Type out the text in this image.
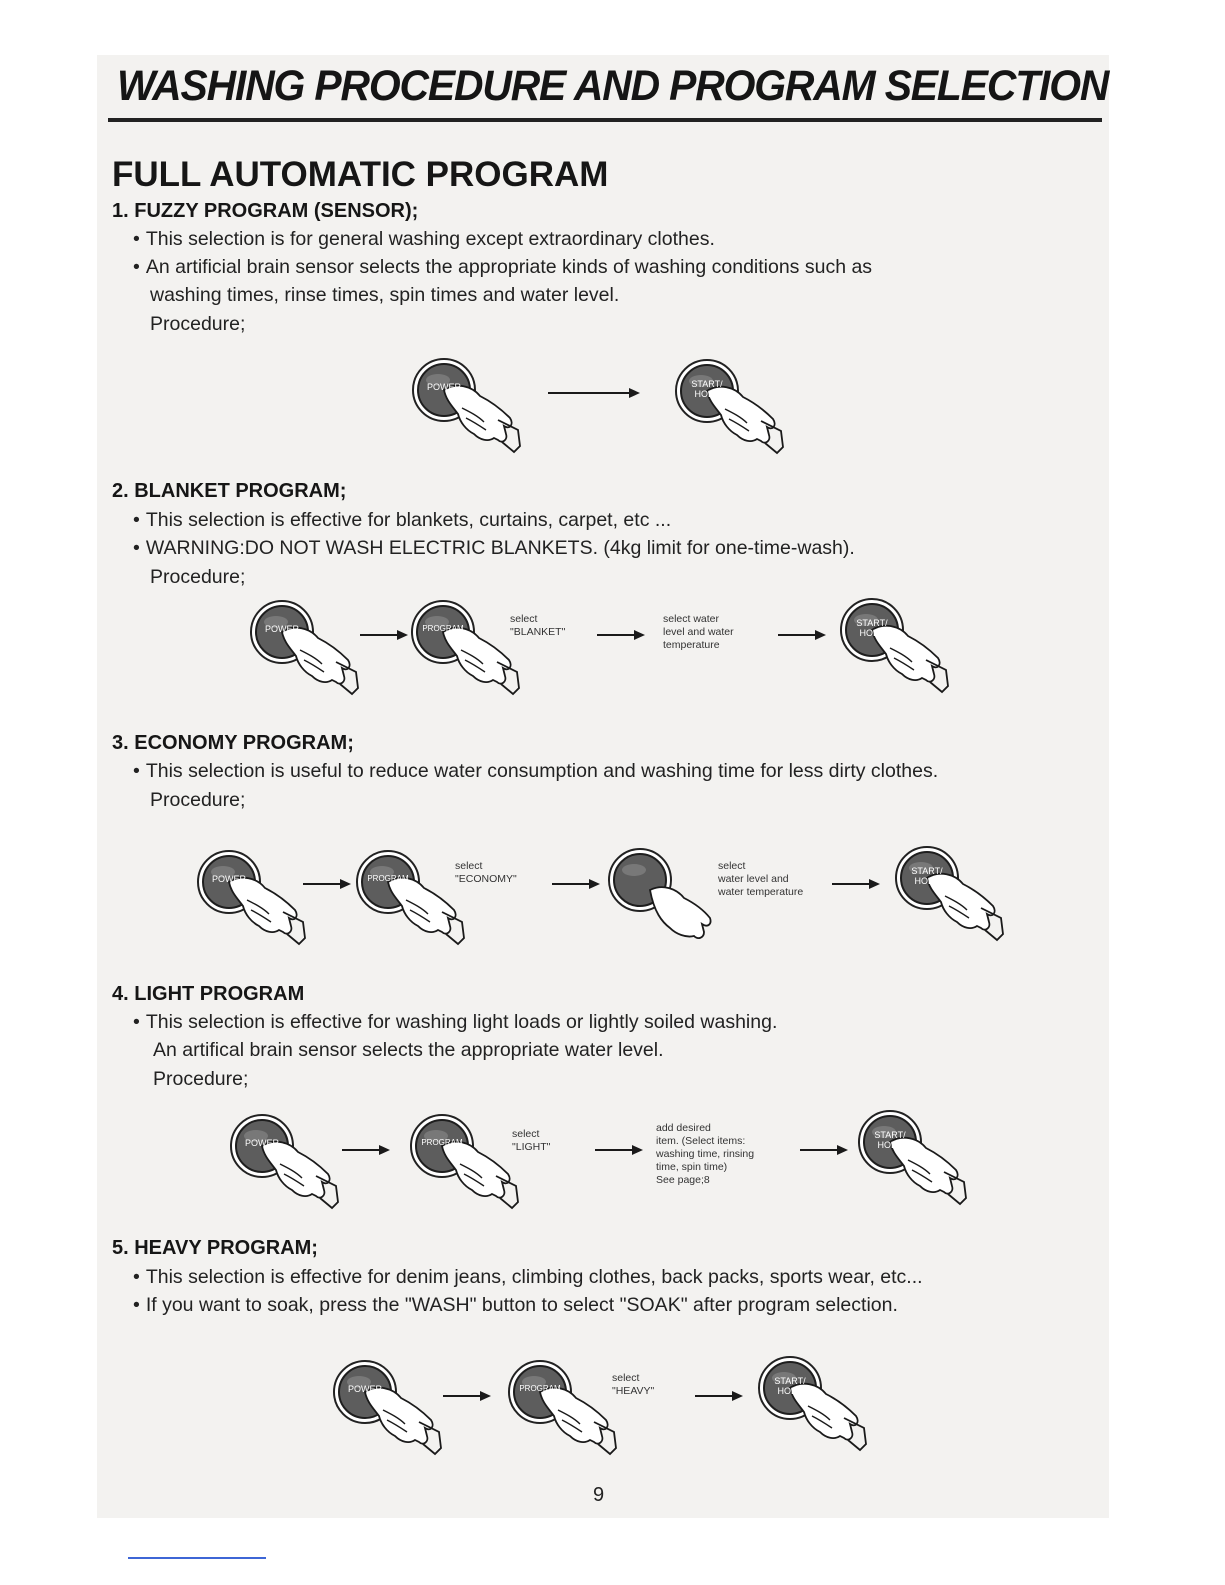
WASHING PROCEDURE AND PROGRAM SELECTION
FULL AUTOMATIC PROGRAM
1. FUZZY PROGRAM (SENSOR);

• This selection is for general washing except extraordinary clothes.

• An artificial brain sensor selects the appropriate kinds of washing conditions such as

washing times, rinse times, spin times and water level.

Procedure;

POWER	START/
HOLD
2. BLANKET PROGRAM;

• This selection is effective for blankets, curtains, carpet, etc ...

• WARNING:DO NOT WASH ELECTRIC BLANKETS. (4kg limit for one-time-wash).

Procedure;

POWER	PROGRAM
select
"BLANKET"
select water
level and water
temperature
START/
HOLD
3. ECONOMY PROGRAM;

• This selection is useful to reduce water consumption and washing time for less dirty clothes.

Procedure;

POWER	PROGRAM
select
"ECONOMY"
select
water level and
water temperature
START/
HOLD
4. LIGHT PROGRAM

• This selection is effective for washing light loads or lightly soiled washing.

An artifical brain sensor selects the appropriate water level.

Procedure;

POWER	PROGRAM
select
"LIGHT"
add desired
item. (Select items:
washing time, rinsing
time, spin time)
See page;8
START/
HOLD
5. HEAVY PROGRAM;

• This selection is effective for denim jeans, climbing clothes, back packs, sports wear, etc...

• If you want to soak, press the "WASH" button to select "SOAK" after program selection.

POWER	PROGRAM
select
"HEAVY"
START/
HOLD
9
